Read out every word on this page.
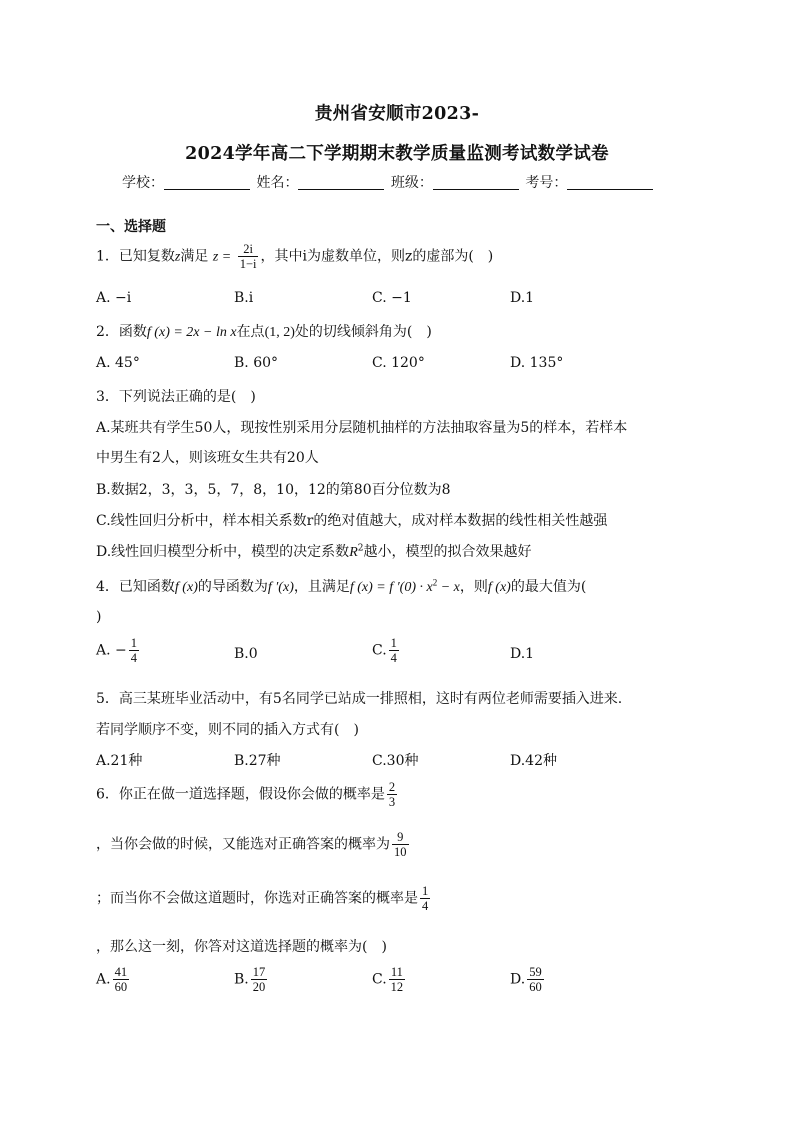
贵州省安顺市2023-
2024学年高二下学期期末教学质量监测考试数学试卷
学校：	姓名：	班级：	考号：
一、选择题
1．已知复数z满足 $z = \frac{2i}{1-i}$ ，其中i为虚数单位，则z的虚部为( )
A. −i	B.i	C. −1	D.1
2．函数f (x) = 2x − ln x在点(1, 2)处的切线倾斜角为( )
A. 45°	B. 60°	C. 120°	D. 135°
3．下列说法正确的是( )
A.某班共有学生50人，现按性别采用分层随机抽样的方法抽取容量为5的样本，若样本
中男生有2人，则该班女生共有20人
B.数据2，3，3，5，7，8，10，12的第80百分位数为8
C.线性回归分析中，样本相关系数r的绝对值越大，成对样本数据的线性相关性越强
D.线性回归模型分析中，模型的决定系数$R^2$越小，模型的拟合效果越好
4．已知函数f (x)的导函数为f ′(x)，且满足f (x) = f $'(0) \cdot x^2 - x$，则f (x)的最大值为(
)
A. − $\frac{1}{4}$	B.0	C. $\frac{1}{4}$	D.1
5．高三某班毕业活动中，有5名同学已站成一排照相，这时有两位老师需要插入进来.
若同学顺序不变，则不同的插入方式有( )
A.21种	B.27种	C.30种	D.42种
6．你正在做一道选择题，假设你会做的概率是 $\frac{2}{3}$
，当你会做的时候，又能选对正确答案的概率为 $\frac{9}{10}$
；而当你不会做这道题时，你选对正确答案的概率是 $\frac{1}{4}$
，那么这一刻，你答对这道选择题的概率为( )
A. $\frac{41}{60}$	B. $\frac{17}{20}$	C. $\frac{11}{12}$	D. $\frac{59}{60}$
